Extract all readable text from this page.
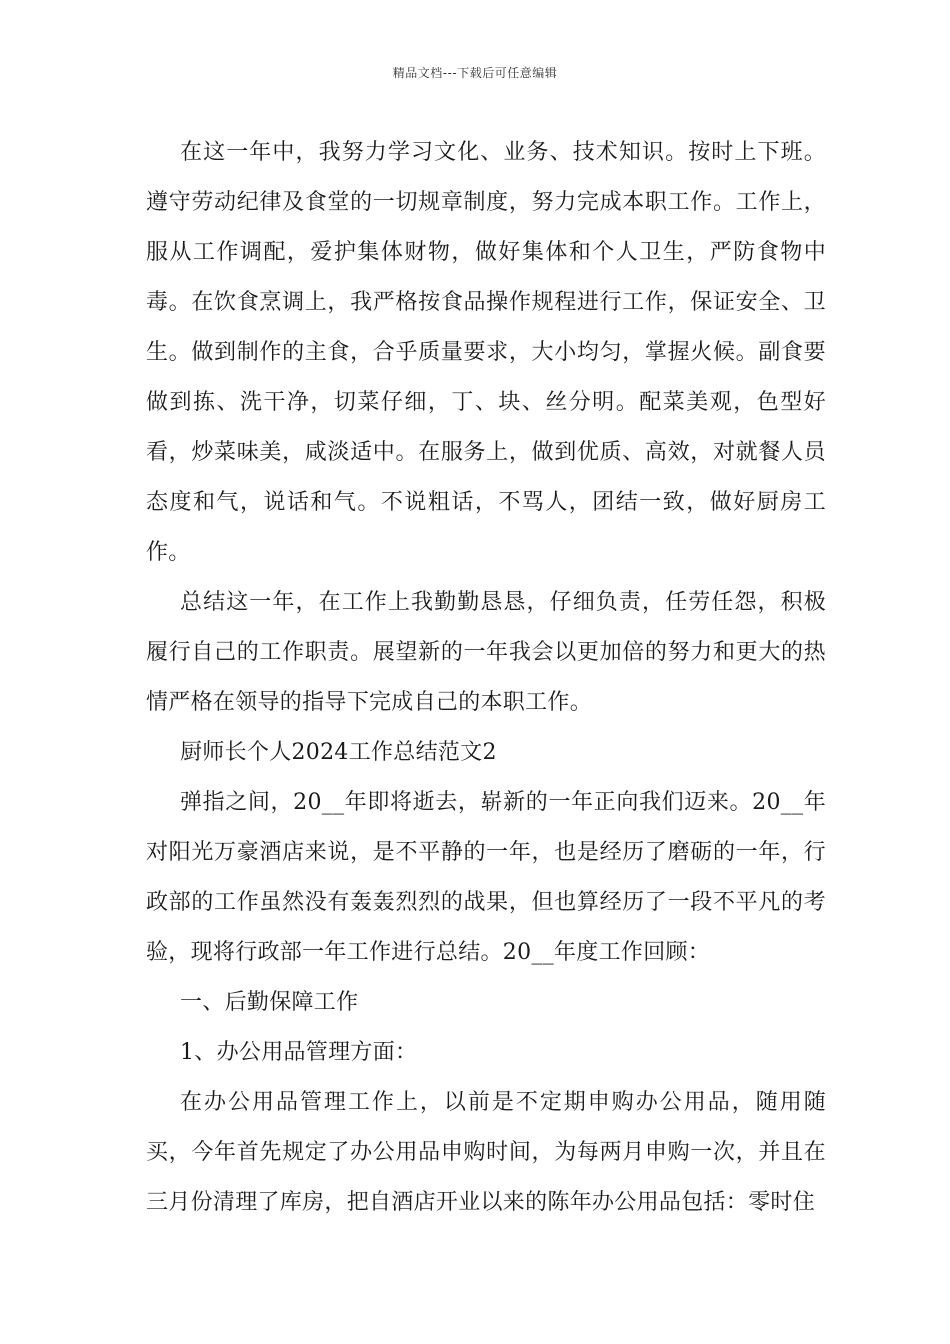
精品文档---下载后可任意编辑

在这一年中，我努力学习文化、业务、技术知识。按时上下班。遵守劳动纪律及食堂的一切规章制度，努力完成本职工作。工作上，服从工作调配，爱护集体财物，做好集体和个人卫生，严防食物中毒。在饮食烹调上，我严格按食品操作规程进行工作，保证安全、卫生。做到制作的主食，合乎质量要求，大小均匀，掌握火候。副食要做到拣、洗干净，切菜仔细，丁、块、丝分明。配菜美观，色型好看，炒菜味美，咸淡适中。在服务上，做到优质、高效，对就餐人员态度和气，说话和气。不说粗话，不骂人，团结一致，做好厨房工作。

总结这一年，在工作上我勤勤恳恳，仔细负责，任劳任怨，积极履行自己的工作职责。展望新的一年我会以更加倍的努力和更大的热情严格在领导的指导下完成自己的本职工作。

厨师长个人2024工作总结范文2

弹指之间，20__年即将逝去，崭新的一年正向我们迈来。20__年对阳光万豪酒店来说，是不平静的一年，也是经历了磨砺的一年，行政部的工作虽然没有轰轰烈烈的战果，但也算经历了一段不平凡的考验，现将行政部一年工作进行总结。20__年度工作回顾：

一、后勤保障工作

1、办公用品管理方面：

在办公用品管理工作上，以前是不定期申购办公用品，随用随买，今年首先规定了办公用品申购时间，为每两月申购一次，并且在三月份清理了库房，把自酒店开业以来的陈年办公用品包括：零时住
